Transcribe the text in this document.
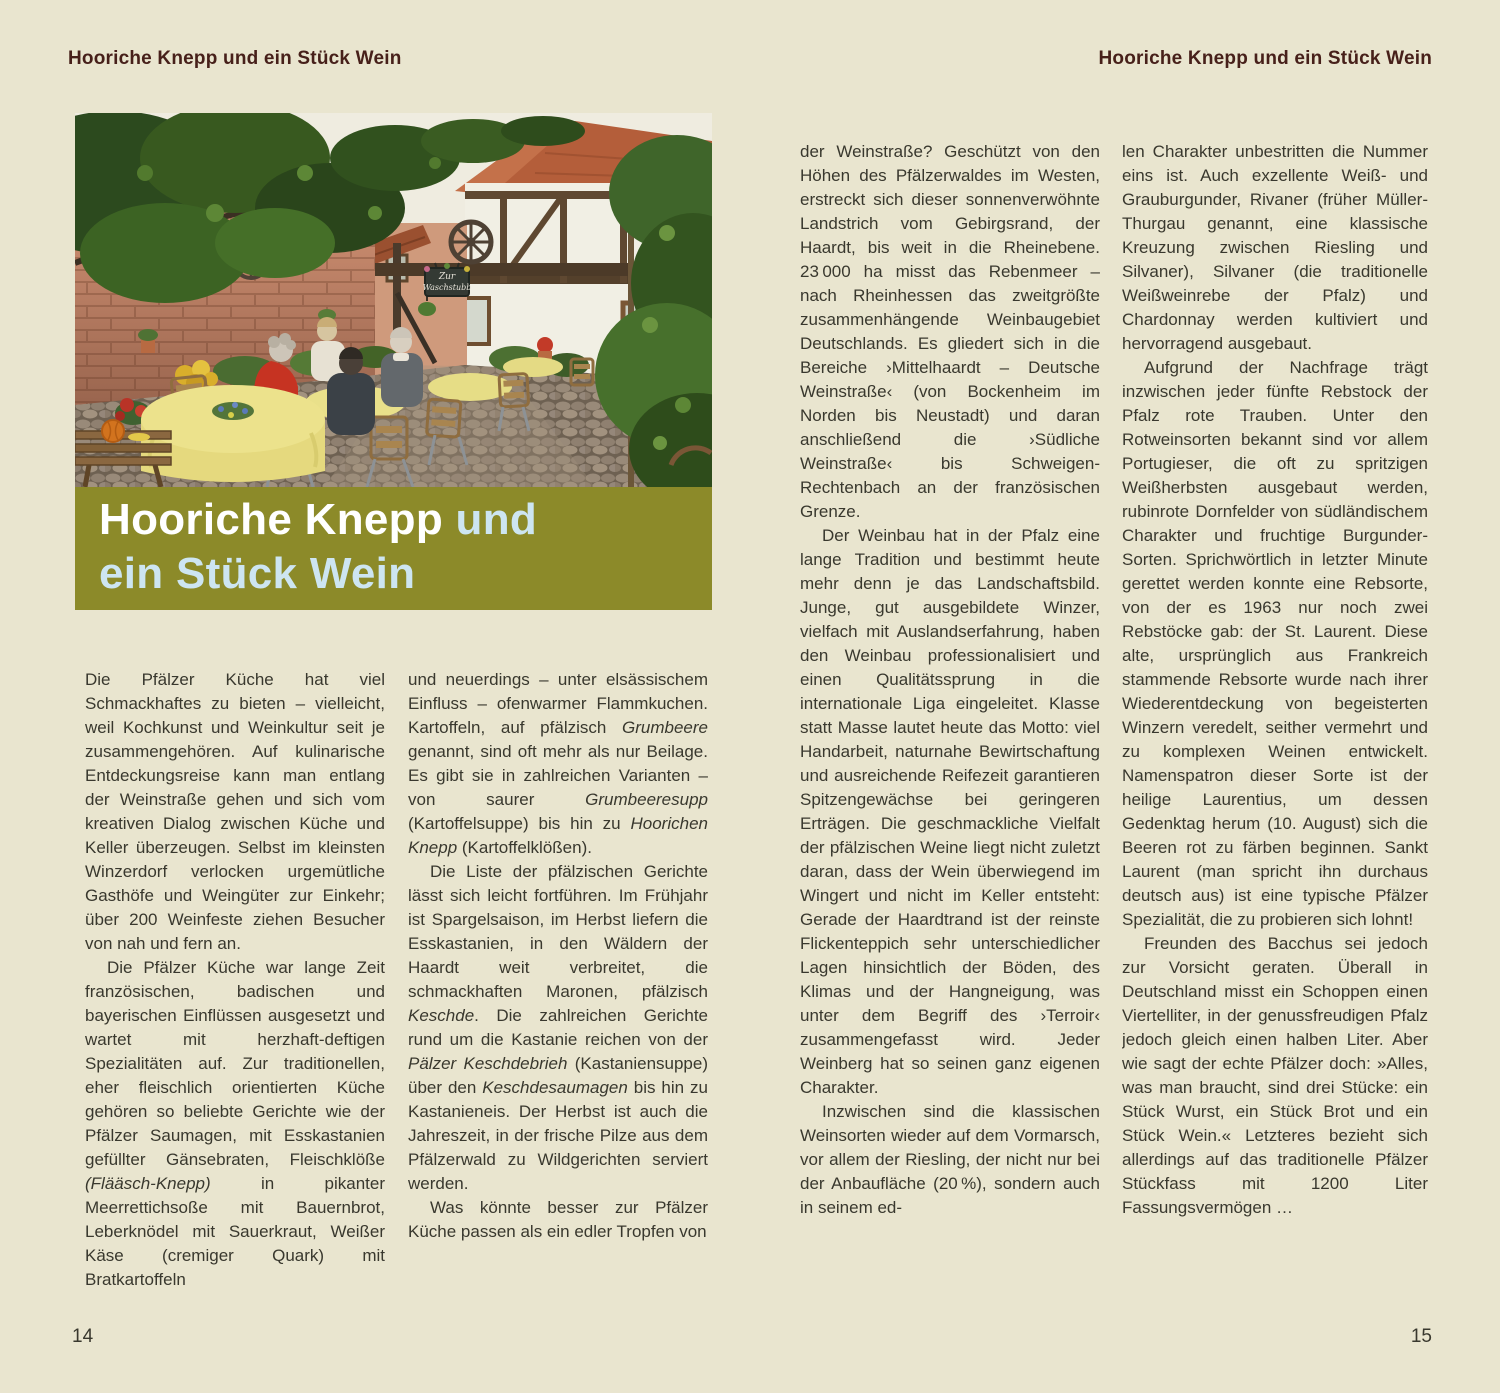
Hooriche Knepp und ein Stück Wein	Hooriche Knepp und ein Stück Wein
Zur
Waschstubb
Hooriche Knepp und
ein Stück Wein

Die Pfälzer Küche hat viel Schmackhaftes zu bieten – vielleicht, weil Kochkunst und Weinkultur seit je zusammengehören. Auf kulinarische Entdeckungsreise kann man entlang der Weinstraße gehen und sich vom kreativen Dialog zwischen Küche und Keller überzeugen. Selbst im kleinsten Winzerdorf verlocken urgemütliche Gasthöfe und Weingüter zur Einkehr; über 200 Weinfeste ziehen Besucher von nah und fern an.

Die Pfälzer Küche war lange Zeit französischen, badischen und bayerischen Einflüssen ausgesetzt und wartet mit herzhaft-deftigen Spezialitäten auf. Zur traditionellen, eher fleischlich orientierten Küche gehören so beliebte Gerichte wie der Pfälzer Saumagen, mit Esskastanien gefüllter Gänsebraten, Fleischklöße (Flääsch-Knepp) in pikanter Meerrettichsoße mit Bauernbrot, Leberknödel mit Sauerkraut, Weißer Käse (cremiger Quark) mit Bratkartoffeln

und neuerdings – unter elsässischem Einfluss – ofenwarmer Flammkuchen. Kartoffeln, auf pfälzisch Grumbeere genannt, sind oft mehr als nur Beilage. Es gibt sie in zahlreichen Varianten – von saurer Grumbeeresupp (Kartoffelsuppe) bis hin zu Hoorichen Knepp (Kartoffelklößen).

Die Liste der pfälzischen Gerichte lässt sich leicht fortführen. Im Frühjahr ist Spargelsaison, im Herbst liefern die Esskastanien, in den Wäldern der Haardt weit verbreitet, die schmackhaften Maronen, pfälzisch Keschde. Die zahlreichen Gerichte rund um die Kastanie reichen von der Pälzer Keschdebrieh (Kastaniensuppe) über den Keschdesaumagen bis hin zu Kastanieneis. Der Herbst ist auch die Jahreszeit, in der frische Pilze aus dem Pfälzerwald zu Wildgerichten serviert werden.

Was könnte besser zur Pfälzer Küche passen als ein edler Tropfen von

der Weinstraße? Geschützt von den Höhen des Pfälzerwaldes im Westen, erstreckt sich dieser sonnenverwöhnte Landstrich vom Gebirgsrand, der Haardt, bis weit in die Rheinebene. 23 000 ha misst das Rebenmeer – nach Rheinhessen das zweitgrößte zusammenhängende Weinbaugebiet Deutschlands. Es gliedert sich in die Bereiche ›Mittelhaardt – Deutsche Weinstraße‹ (von Bockenheim im Norden bis Neustadt) und daran anschließend die ›Südliche Weinstraße‹ bis Schweigen-Rechtenbach an der französischen Grenze.

Der Weinbau hat in der Pfalz eine lange Tradition und bestimmt heute mehr denn je das Landschaftsbild. Junge, gut ausgebildete Winzer, vielfach mit Auslandserfahrung, haben den Weinbau professionalisiert und einen Qualitätssprung in die internationale Liga eingeleitet. Klasse statt Masse lautet heute das Motto: viel Handarbeit, naturnahe Bewirtschaftung und ausreichende Reifezeit garantieren Spitzengewächse bei geringeren Erträgen. Die geschmackliche Vielfalt der pfälzischen Weine liegt nicht zuletzt daran, dass der Wein überwiegend im Wingert und nicht im Keller entsteht: Gerade der Haardtrand ist der reinste Flickenteppich sehr unterschiedlicher Lagen hinsichtlich der Böden, des Klimas und der Hangneigung, was unter dem Begriff des ›Terroir‹ zusammengefasst wird. Jeder Weinberg hat so seinen ganz eigenen Charakter.

Inzwischen sind die klassischen Weinsorten wieder auf dem Vormarsch, vor allem der Riesling, der nicht nur bei der Anbaufläche (20 %), sondern auch in seinem ed-

len Charakter unbestritten die Nummer eins ist. Auch exzellente Weiß- und Grauburgunder, Rivaner (früher Müller-Thurgau genannt, eine klassische Kreuzung zwischen Riesling und Silvaner), Silvaner (die traditionelle Weißweinrebe der Pfalz) und Chardonnay werden kultiviert und hervorragend ausgebaut.

Aufgrund der Nachfrage trägt inzwischen jeder fünfte Rebstock der Pfalz rote Trauben. Unter den Rotweinsorten bekannt sind vor allem Portugieser, die oft zu spritzigen Weißherbsten ausgebaut werden, rubinrote Dornfelder von südländischem Charakter und fruchtige Burgunder-Sorten. Sprichwörtlich in letzter Minute gerettet werden konnte eine Rebsorte, von der es 1963 nur noch zwei Rebstöcke gab: der St. Laurent. Diese alte, ursprünglich aus Frankreich stammende Rebsorte wurde nach ihrer Wiederentdeckung von begeisterten Winzern veredelt, seither vermehrt und zu komplexen Weinen entwickelt. Namenspatron dieser Sorte ist der heilige Laurentius, um dessen Gedenktag herum (10. August) sich die Beeren rot zu färben beginnen. Sankt Laurent (man spricht ihn durchaus deutsch aus) ist eine typische Pfälzer Spezialität, die zu probieren sich lohnt!

Freunden des Bacchus sei jedoch zur Vorsicht geraten. Überall in Deutschland misst ein Schoppen einen Viertelliter, in der genussfreudigen Pfalz jedoch gleich einen halben Liter. Aber wie sagt der echte Pfälzer doch: »Alles, was man braucht, sind drei Stücke: ein Stück Wurst, ein Stück Brot und ein Stück Wein.« Letzteres bezieht sich allerdings auf das traditionelle Pfälzer Stückfass mit 1200 Liter Fassungsvermögen …

14	15
